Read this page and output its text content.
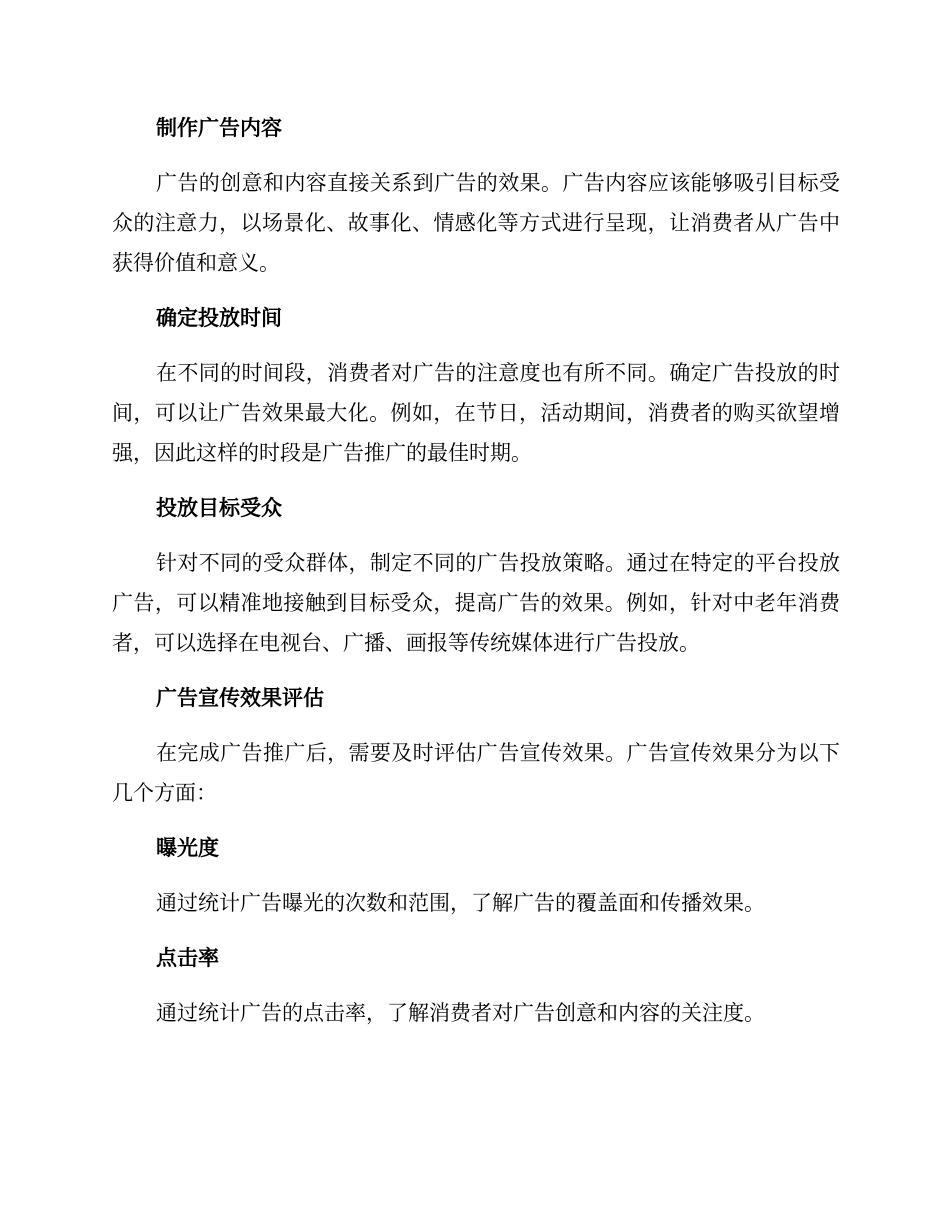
制作广告内容

广告的创意和内容直接关系到广告的效果。广告内容应该能够吸引目标受众的注意力，以场景化、故事化、情感化等方式进行呈现，让消费者从广告中获得价值和意义。

确定投放时间

在不同的时间段，消费者对广告的注意度也有所不同。确定广告投放的时间，可以让广告效果最大化。例如，在节日，活动期间，消费者的购买欲望增强，因此这样的时段是广告推广的最佳时期。

投放目标受众

针对不同的受众群体，制定不同的广告投放策略。通过在特定的平台投放广告，可以精准地接触到目标受众，提高广告的效果。例如，针对中老年消费者，可以选择在电视台、广播、画报等传统媒体进行广告投放。

广告宣传效果评估

在完成广告推广后，需要及时评估广告宣传效果。广告宣传效果分为以下几个方面：

曝光度

通过统计广告曝光的次数和范围，了解广告的覆盖面和传播效果。

点击率

通过统计广告的点击率，了解消费者对广告创意和内容的关注度。
